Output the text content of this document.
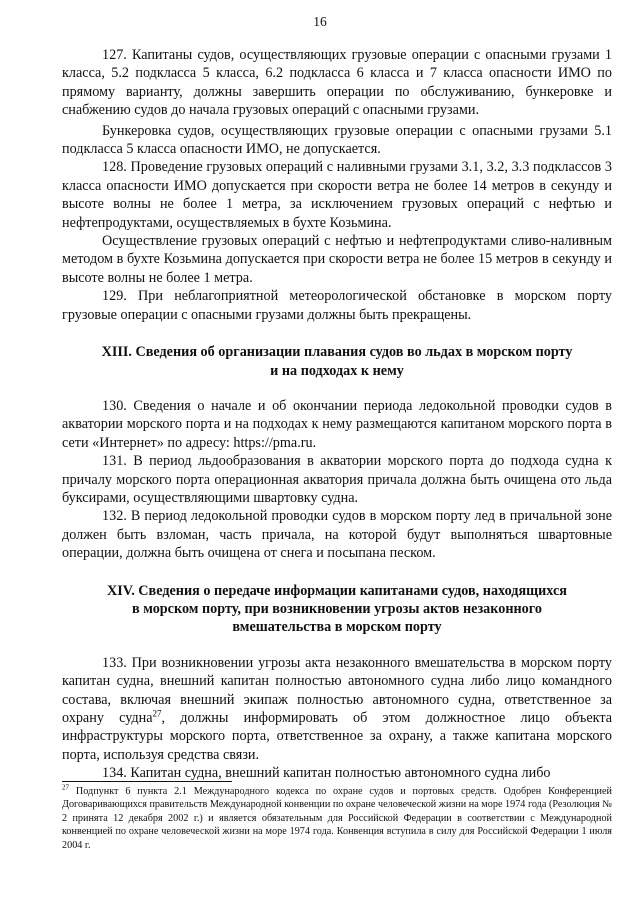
16

127. Капитаны судов, осуществляющих грузовые операции с опасными грузами 1 класса, 5.2 подкласса 5 класса, 6.2 подкласса 6 класса и 7 класса опасности ИМО по прямому варианту, должны завершить операции по обслуживанию, бункеровке и снабжению судов до начала грузовых операций с опасными грузами.

Бункеровка судов, осуществляющих грузовые операции с опасными грузами 5.1 подкласса 5 класса опасности ИМО, не допускается.

128. Проведение грузовых операций с наливными грузами 3.1, 3.2, 3.3 подклассов 3 класса опасности ИМО допускается при скорости ветра не более 14 метров в секунду и высоте волны не более 1 метра, за исключением грузовых операций с нефтью и нефтепродуктами, осуществляемых в бухте Козьмина.

Осуществление грузовых операций с нефтью и нефтепродуктами сливо-наливным методом в бухте Козьмина допускается при скорости ветра не более 15 метров в секунду и высоте волны не более 1 метра.

129. При неблагоприятной метеорологической обстановке в морском порту грузовые операции с опасными грузами должны быть прекращены.

XIII. Сведения об организации плавания судов во льдах в морском порту
и на подходах к нему

130. Сведения о начале и об окончании периода ледокольной проводки судов в акватории морского порта и на подходах к нему размещаются капитаном морского порта в сети «Интернет» по адресу: https://pma.ru.

131. В период льдообразования в акватории морского порта до подхода судна к причалу морского порта операционная акватория причала должна быть очищена ото льда буксирами, осуществляющими швартовку судна.

132. В период ледокольной проводки судов в морском порту лед в причальной зоне должен быть взломан, часть причала, на которой будут выполняться швартовные операции, должна быть очищена от снега и посыпана песком.

XIV. Сведения о передаче информации капитанами судов, находящихся
в морском порту, при возникновении угрозы актов незаконного
вмешательства в морском порту

133. При возникновении угрозы акта незаконного вмешательства в морском порту капитан судна, внешний капитан полностью автономного судна либо лицо командного состава, включая внешний экипаж полностью автономного судна, ответственное за охрану судна$^{27}$, должны информировать об этом должностное лицо объекта инфраструктуры морского порта, ответственное за охрану, а также капитана морского порта, используя средства связи.

134. Капитан судна, внешний капитан полностью автономного судна либо

$^{27}$ Подпункт 6 пункта 2.1 Международного кодекса по охране судов и портовых средств. Одобрен Конференцией Договаривающихся правительств Международной конвенции по охране человеческой жизни на море 1974 года (Резолюция № 2 принята 12 декабря 2002 г.) и является обязательным для Российской Федерации в соответствии с Международной конвенцией по охране человеческой жизни на море 1974 года. Конвенция вступила в силу для Российской Федерации 1 июля 2004 г.
